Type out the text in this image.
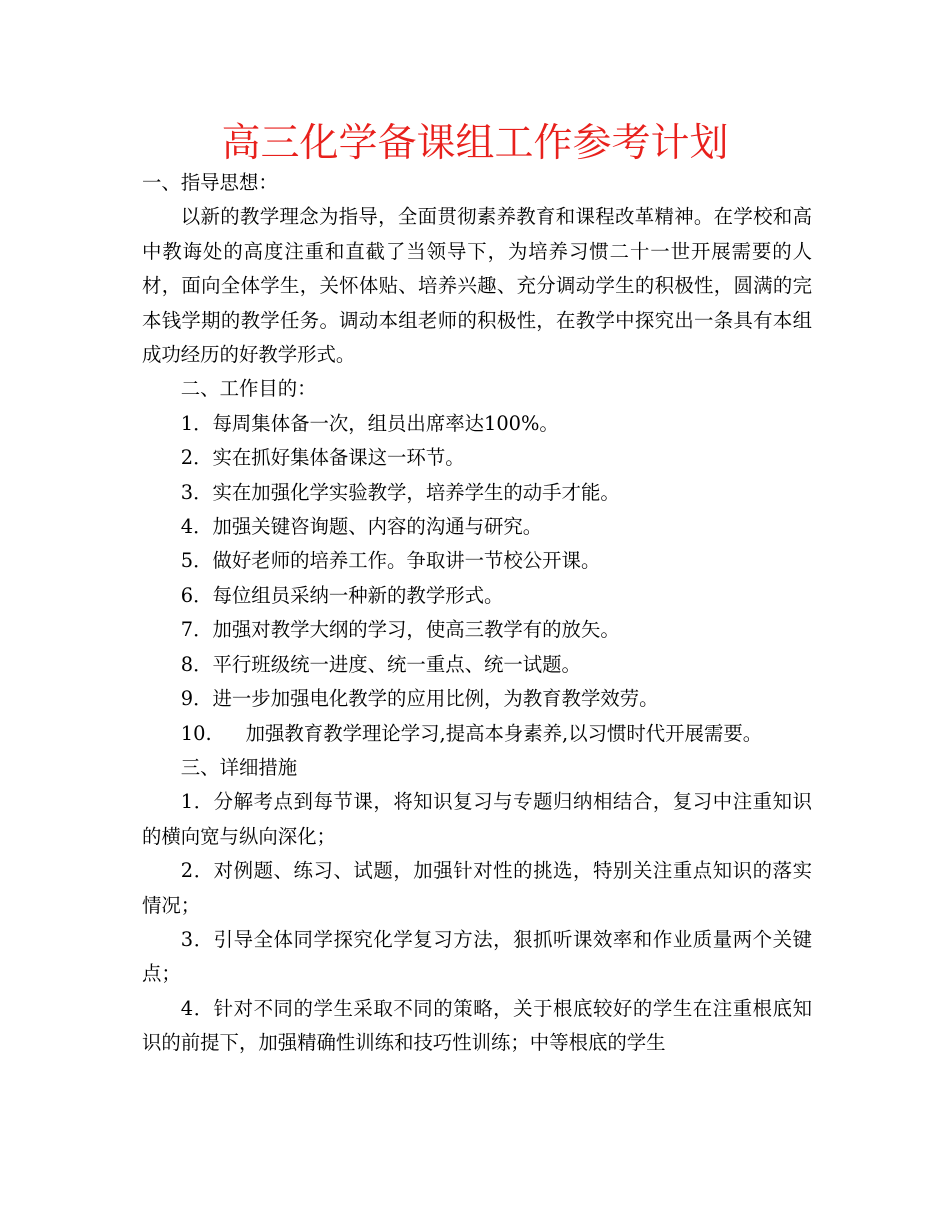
高三化学备课组工作参考计划

一、指导思想：

以新的教学理念为指导，全面贯彻素养教育和课程改革精神。在学校和高中教诲处的高度注重和直截了当领导下，为培养习惯二十一世开展需要的人材，面向全体学生，关怀体贴、培养兴趣、充分调动学生的积极性，圆满的完本钱学期的教学任务。调动本组老师的积极性，在教学中探究出一条具有本组成功经历的好教学形式。

二、工作目的：

1．每周集体备一次，组员出席率达100%。

2．实在抓好集体备课这一环节。

3．实在加强化学实验教学，培养学生的动手才能。

4．加强关键咨询题、内容的沟通与研究。

5．做好老师的培养工作。争取讲一节校公开课。

6．每位组员采纳一种新的教学形式。

7．加强对教学大纲的学习，使高三教学有的放矢。

8．平行班级统一进度、统一重点、统一试题。

9．进一步加强电化教学的应用比例，为教育教学效劳。

10. 加强教育教学理论学习,提高本身素养,以习惯时代开展需要。

三、详细措施

1．分解考点到每节课，将知识复习与专题归纳相结合，复习中注重知识的横向宽与纵向深化；

2．对例题、练习、试题，加强针对性的挑选，特别关注重点知识的落实情况；

3．引导全体同学探究化学复习方法，狠抓听课效率和作业质量两个关键点；

4．针对不同的学生采取不同的策略，关于根底较好的学生在注重根底知识的前提下，加强精确性训练和技巧性训练；中等根底的学生
